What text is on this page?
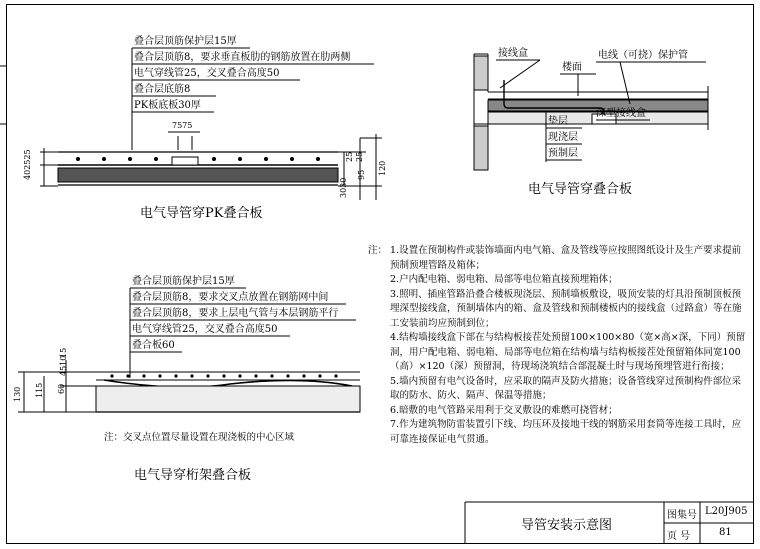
叠合层顶筋保护层15厚
叠合层顶筋8，要求垂直板肋的钢筋放置在肋两侧
电气穿线管25，交叉叠合高度50
叠合层底筋8
PK板底板30厚
7575
402525	25 25
95 120
3030
电气导管穿PK叠合板
接线盒
楼面
电线（可挠）保护管
垫层
现浇层
预制层
深型接线盒
电气导管穿叠合板
叠合层顶筋保护层15厚
叠合层顶筋8，要求交叉点放置在钢筋网中间
叠合层顶筋8，要求上层电气管与本层钢筋平行
电气穿线管25，交叉叠合高度50
叠合板60
130 115 60
4510
15
注：交叉点位置尽量设置在现浇板的中心区域
电气导穿桁架叠合板
注： 1.设置在预制构件或装饰墙面内电气箱、盒及管线等应按照图纸设计及生产要求提前预制预埋管路及箱体；
2.户内配电箱、弱电箱、局部等电位箱直接预埋箱体；
3.照明、插座管路沿叠合楼板现浇层、预制墙板敷设，吸顶安装的灯具沿预制顶板预埋深型接线盒，预制墙体内的箱、盒及管线和预制楼板内的接线盒（过路盒）等在施工安装前均应预制到位；
4.结构墙接线盒下部在与结构板接茬处预留100×100×80（宽×高×深，下同）预留洞，用户配电箱、弱电箱、局部等电位箱在结构墙与结构板接茬处预留箱体同宽100（高）×120（深）预留洞，待现场浇筑结合部混凝土时与现场预埋管进行衔接；
5.墙内预留有电气设备时，应采取的隔声及防火措施；设备管线穿过预制构件部位采取的防水、防火、隔声、保温等措施；
6.暗敷的电气管路采用利于交叉敷设的难燃可挠管材；
7.作为建筑物防雷装置引下线、均压环及接地干线的钢筋采用套筒等连接工具时，应可靠连接保证电气贯通。
导管安装示意图
图集号 L20J905
页 号	81
